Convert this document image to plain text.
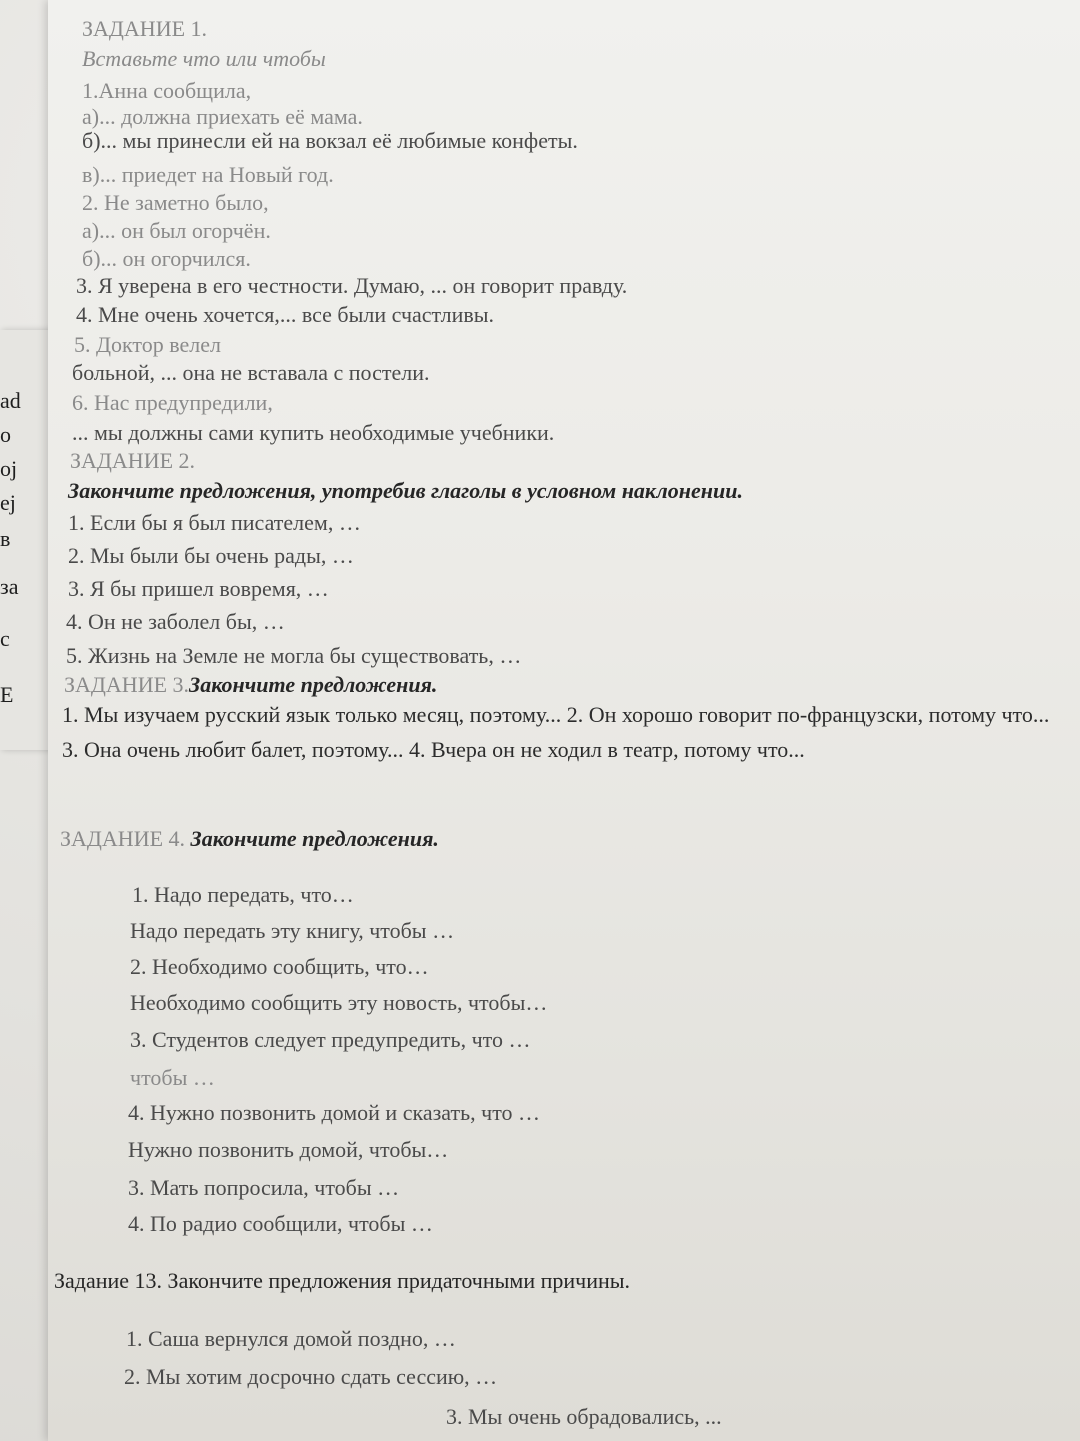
ad
о
оj
ej
в
за
с
Е
ЗАДАНИЕ 1.
Вставьте что или чтобы
1.Анна сообщила,
а)... должна приехать её мама.
б)... мы принесли ей на вокзал её любимые конфеты.
в)... приедет на Новый год.
2. Не заметно было,
а)... он был огорчён.
б)... он огорчился.
3. Я уверена в его честности. Думаю, ... он говорит правду.
4. Мне очень хочется,... все были счастливы.
5. Доктор велел
больной, ... она не вставала с постели.
6. Нас предупредили,
... мы должны сами купить необходимые учебники.
ЗАДАНИЕ 2.
Закончите предложения, употребив глаголы в условном наклонении.
1. Если бы я был писателем, …
2. Мы были бы очень рады, …
3. Я бы пришел вовремя, …
4. Он не заболел бы, …
5. Жизнь на Земле не могла бы существовать, …
ЗАДАНИЕ 3.Закончите предложения.
1. Мы изучаем русский язык только месяц, поэтому... 2. Он хорошо говорит по-французски, потому что... 3. Она очень любит балет, поэтому... 4. Вчера он не ходил в театр, потому что...
ЗАДАНИЕ 4. Закончите предложения.
1. Надо передать, что…
Надо передать эту книгу, чтобы …
2. Необходимо сообщить, что…
Необходимо сообщить эту новость, чтобы…
3. Студентов следует предупредить, что …
чтобы …
4. Нужно позвонить домой и сказать, что …
Нужно позвонить домой, чтобы…
3. Мать попросила, чтобы …
4. По радио сообщили, чтобы …
Задание 13. Закончите предложения придаточными причины.
1. Саша вернулся домой поздно, …
2. Мы хотим досрочно сдать сессию, …
3. Мы очень обрадовались, ...
